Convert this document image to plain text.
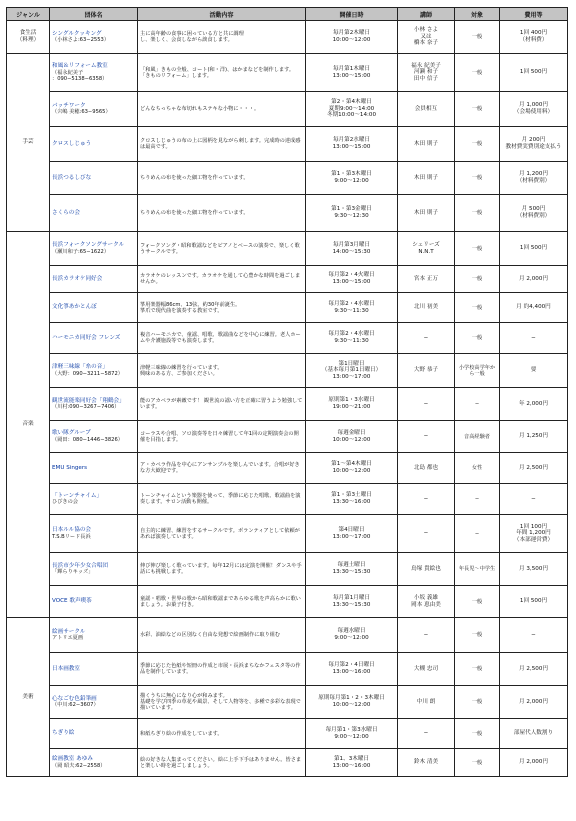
ジャンル	団体名	活動内容	開催日時	講師	対象	費用等

食生活
（料理）	シングルクッキング
（小林さよ:63−2553）	主に高年齢の食事に困っている方と共に調理
し、楽しく、会食しながら談食します。	毎月第2木曜日
10:00〜12:00	小林 さよ
又は
橋本 奈子	一般	1回 400円
（材料費）

手芸	和風＆リフォーム教室
（福永紀美子
：090−5138−6358）	「和風」きもの全般、コート(和・洋)、はかまなどを制作します。
「きものリフォーム」します。	毎月第1木曜日
13:00〜15:00	福永 紀美子
河瀬 和子
田中 信子	一般	1回 500円

	パッチワーク
（宍嶋 美穂:63−9565）	どんなちっちゃな布切れもステキな小物に・・・。	第2・第4木曜日
夏期9:00〜14:00
冬期10:00〜14:00	会員相互	一般	月 1,000円
（会場使用料）

	クロスしじゅう	クロスしじゅうの布の上に図柄を見ながら刺します。完成時の達成感は最高です。	毎月第2水曜日
13:00〜15:00	木田 則子	一般	月 200円
教材費実費別途支払う

	長浜つるしびな	ちりめんの布を使った細工物を作っています。	第1・第3木曜日
9:00〜12:00	木田 則子	一般	月 1,200円
（材料費別）

	さくらの会	ちりめんの布を使った細工物を作っています。	第1・第3金曜日
9:30〜12:30	木田 則子	一般	月 500円
（材料費別）

音楽	長浜フォークソングサークル
（瀬川和子:65−1622）	フォークソング・昭和歌謡などをピアノとベースの演奏で、楽しく歌うサークルです。	毎月第3月曜日
14:00〜15:30	シェリーズ
N.N.T	一般	1回 500円

	長浜カラオケ同好会	カラオケのレッスンです。カラオケを通して心豊かな時間を過ごしませんか。	毎月第2・4火曜日
13:00〜15:00	宮本 正万	一般	月 2,000円

	文化箏あかとんぼ	箏用楽器幅86cm、13弦、約30年前誕生。
箏爪で現代曲を演奏する教室です。	毎月第2・4水曜日
9:30〜11:30	北川 初美	一般	月 約4,400円

	ハーモニカ同好会 フレンズ	複音ハーモニカで、童謡、唱歌、歌謡曲などを中心に練習。老人ホームや介護施設等でも演奏します。	毎月第2・4水曜日
9:30〜11:30	−	一般	−

	津軽三味線「糸の音」
（大野：090−3211−5872）	津軽三味線の練習を行っています。
興味のある方、ご参加ください。	第1日曜日
（基本毎月第1日曜日）
13:00〜17:00	大野 恭子	小学校高学年から一般	要

	観世流能楽同好会「翔鶴会」
（川村:090−3267−7406）	能のアカペラが素敵です！ 観世流の謡い方を正確に習うよう勉強しています。	原則第1・3水曜日
19:00〜21:00	−	−	年 2,000円

	歌い隊グループ
（岡田：080−1446−3826）	コーラスや合唱、ソロ演奏等を日々練習して年1回の定期演奏会の開催を目指します。	毎週金曜日
10:00〜12:00	−	音高経験者	月 1,250円

	EMU Singers	ア・カペラ作品を中心にアンサンブルを楽しんでいます。合唱が好きな方大歓迎です。	第1〜第4木曜日
10:00〜12:00	北島 都也	女性	月 2,500円

	「トーンチャイム」
ひびきの会	トーンチャイムという楽器を使って、季節に応じた唱歌、歌謡曲を演奏します。サロン活動も開催。	第1・第3土曜日
13:30〜16:00	−	−	−

	日本ルル協の会
T.S.Bリード長浜	自主的に練習、練習をするサークルです。ボランティアとして依頼があれば演奏しています。	第4日曜日
13:00〜17:00	−	−	1回 100円
年間 1,200円
（本部運営費）

	長浜市少年少女合唱団
「輝らりキッズ」	伸び伸び楽しく歌っています。毎年12月には定演を開催！ダンスや手話にも挑戦します。	毎週土曜日
13:30〜15:30	鳥塚 貴絵也	年長児〜中学生	月 3,500円

	VOCE 歌声喫茶	童謡・唱歌・世界の歌から昭和歌謡まであらゆる歌を声高らかに歌いましょう。お菓子付き。	毎月第1月曜日
13:30〜15:30	小坂 義雄
岡本 恵由美	一般	1回 500円

美術	絵画サークル
アトリエ夏画	水彩、油絵などの区別なく自由な発想で絵画制作に取り組む	毎週水曜日
9:00〜12:00	−	一般	−

	日本画教室	季節に応じた色紙や短冊の作成と市展・長浜まちなかフェスタ等の作品を制作しています。	毎月第2・4日曜日
13:00〜16:00	大槻 忠司	一般	月 2,500円

	心なごむ色鉛筆画
（中川:62−3607）	描くうちに無心になり心が和みます。
基礎を学び四季の草花や風景、そして人物等を、多種で多彩な表現で描いています。	原則毎月第1・2・3木曜日
10:00〜12:00	中川 朗	一般	月 2,000円

	ちぎり絵	和紙ちぎり絵の作成をしています。	毎月第1・第3水曜日
9:00〜12:00	−	一般	部屋代人数割り

	絵画教室 あゆみ
（岡 昭夫:62−2558）	絵の好きな人集まってください。絵に上手下手はありません。皆さまと楽しい時を過ごしましょう。	第1、3木曜日
13:00〜16:00	鈴木 清美	一般	月 2,000円
